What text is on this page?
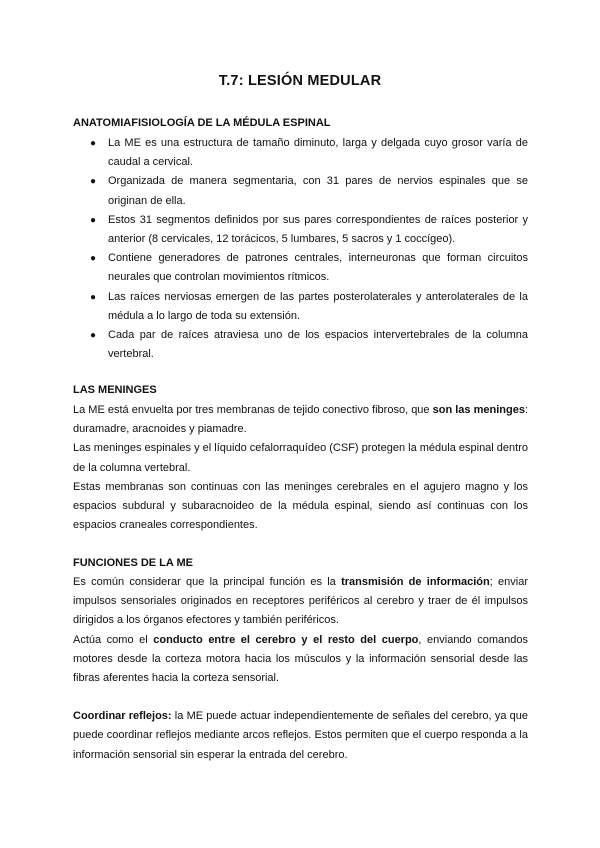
T.7: LESIÓN MEDULAR
ANATOMIAFISIOLOGÍA DE LA MÉDULA ESPINAL
● La ME es una estructura de tamaño diminuto, larga y delgada cuyo grosor varía de caudal a cervical.
● Organizada de manera segmentaria, con 31 pares de nervios espinales que se originan de ella.
● Estos 31 segmentos definidos por sus pares correspondientes de raíces posterior y anterior (8 cervicales, 12 torácicos, 5 lumbares, 5 sacros y 1 coccígeo).
● Contiene generadores de patrones centrales, interneuronas que forman circuitos neurales que controlan movimientos rítmicos.
● Las raíces nerviosas emergen de las partes posterolaterales y anterolaterales de la médula a lo largo de toda su extensión.
● Cada par de raíces atraviesa uno de los espacios intervertebrales de la columna vertebral.
LAS MENINGES

La ME está envuelta por tres membranas de tejido conectivo fibroso, que son las meninges: duramadre, aracnoides y piamadre.

Las meninges espinales y el líquido cefalorraquídeo (CSF) protegen la médula espinal dentro de la columna vertebral.

Estas membranas son continuas con las meninges cerebrales en el agujero magno y los espacios subdural y subaracnoideo de la médula espinal, siendo así continuas con los espacios craneales correspondientes.

FUNCIONES DE LA ME

Es común considerar que la principal función es la transmisión de información; enviar impulsos sensoriales originados en receptores periféricos al cerebro y traer de él impulsos dirigidos a los órganos efectores y también periféricos.

Actúa como el conducto entre el cerebro y el resto del cuerpo, enviando comandos motores desde la corteza motora hacia los músculos y la información sensorial desde las fibras aferentes hacia la corteza sensorial.

Coordinar reflejos: la ME puede actuar independientemente de señales del cerebro, ya que puede coordinar reflejos mediante arcos reflejos. Estos permiten que el cuerpo responda a la información sensorial sin esperar la entrada del cerebro.
